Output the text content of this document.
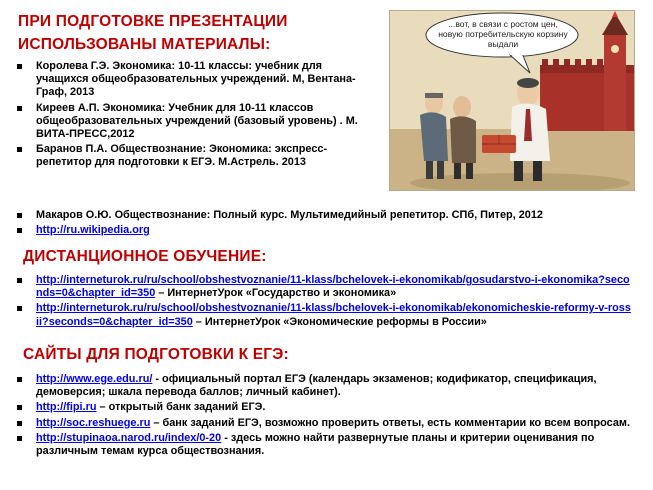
ПРИ ПОДГОТОВКЕ ПРЕЗЕНТАЦИИ
ИСПОЛЬЗОВАНЫ МАТЕРИАЛЫ:
Королева Г.Э. Экономика: 10-11 классы: учебник для учащихся общеобразовательных учреждений. М, Вентана-Граф, 2013
Киреев А.П. Экономика: Учебник для 10-11 классов общеобразовательных учреждений (базовый уровень) . М. ВИТА-ПРЕСС,2012
Баранов П.А. Обществознание: Экономика: экспресс-репетитор для подготовки к ЕГЭ. М.Астрель. 2013
Макаров О.Ю. Обществознание: Полный курс. Мультимедийный репетитор. СПб, Питер, 2012
http://ru.wikipedia.org
ДИСТАНЦИОННОЕ ОБУЧЕНИЕ:
http://interneturok.ru/ru/school/obshestvoznanie/11-klass/bchelovek-i-ekonomikab/gosudarstvo-i-ekonomika?seconds=0&chapter_id=350 – ИнтернетУрок «Государство и экономика»
http://interneturok.ru/ru/school/obshestvoznanie/11-klass/bchelovek-i-ekonomikab/ekonomicheskie-reformy-v-rossii?seconds=0&chapter_id=350 – ИнтернетУрок «Экономические реформы в России»
САЙТЫ ДЛЯ ПОДГОТОВКИ К ЕГЭ:
http://www.ege.edu.ru/ - официальный портал ЕГЭ (календарь экзаменов; кодификатор, спецификация, демоверсия; шкала перевода баллов; личный кабинет).
http://fipi.ru – открытый банк заданий ЕГЭ.
http://soc.reshuege.ru – банк заданий ЕГЭ, возможно проверить ответы, есть комментарии ко всем вопросам.
http://stupinaoa.narod.ru/index/0-20 - здесь можно найти развернутые планы и критерии оценивания по различным темам курса обществознания.
...вот, в связи с ростом цен, новую потребительскую корзину выдали
